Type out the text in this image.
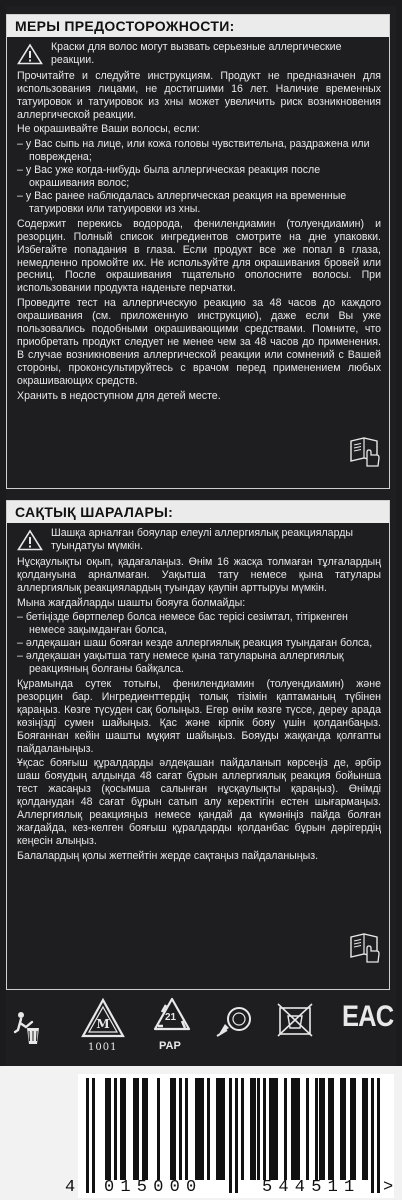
МЕРЫ ПРЕДОСТОРОЖНОСТИ:
Краски для волос могут вызвать серьезные аллергические реакции.

Прочитайте и следуйте инструкциям. Продукт не предназначен для использования лицами, не достигшими 16 лет. Наличие временных татуировок и татуировок из хны может увеличить риск возникновения аллергической реакции.

Не окрашивайте Ваши волосы, если:

– у Вас сыпь на лице, или кожа головы чувствительна, раздражена или повреждена;
– у Вас уже когда-нибудь была аллергическая реакция после окрашивания волос;
– у Вас ранее наблюдалась аллергическая реакция на временные татуировки или татуировки из хны.

Содержит перекись водорода, фенилендиамин (толуендиамин) и резорцин. Полный список ингредиентов смотрите на дне упаковки. Избегайте попадания в глаза. Если продукт все же попал в глаза, немедленно промойте их. Не используйте для окрашивания бровей или ресниц. После окрашивания тщательно ополосните волосы. При использовании продукта наденьте перчатки.

Проведите тест на аллергическую реакцию за 48 часов до каждого окрашивания (см. приложенную инструкцию), даже если Вы уже пользовались подобными окрашивающими средствами. Помните, что приобретать продукт следует не менее чем за 48 часов до применения. В случае возникновения аллергической реакции или сомнений с Вашей стороны, проконсультируйтесь с врачом перед применением любых окрашивающих средств.

Хранить в недоступном для детей месте.

САҚТЫҚ ШАРАЛАРЫ:
Шашқа арналған бояулар елеулі аллергиялық реакцияларды туындатуы мүмкін.

Нұсқаулықты оқып, қадағалаңыз. Өнім 16 жасқа толмаған тұлғалардың қолдануына арналмаған. Уақытша тату немесе қына татулары аллергиялық реакциялардың туындау қаупін арттыруы мүмкін.

Мына жағдайларды шашты бояуға болмайды:

– бетіңізде бөртпелер болса немесе бас терісі сезімтал, тітіркенген немесе зақымданған болса,
– әлдеқашан шаш бояған кезде аллергиялық реакция туындаған болса,
– әлдеқашан уақытша тату немесе қына татуларына аллергиялық реакцияның болғаны байқалса.

Құрамында сутек тотығы, фенилендиамин (толуендиамин) және резорцин бар. Ингредиенттердің толық тізімін қаптаманың түбінен қараңыз. Көзге түсуден сақ болыңыз. Егер өнім көзге түссе, дереу арада көзіңізді сумен шайыңыз. Қас және кірпік бояу үшін қолданбаңыз. Бояғаннан кейін шашты мұқият шайыңыз. Бояуды жаққанда қолғапты пайдаланыңыз.

Ұқсас бояғыш құралдарды әлдеқашан пайдаланып көрсеңіз де, әрбір шаш бояудың алдында 48 сағат бұрын аллергиялық реакция бойынша тест жасаңыз (қосымша салынған нұсқаулықты қараңыз). Өнімді қолданудан 48 сағат бұрын сатып алу керектігін естен шығармаңыз. Аллергиялық реакцияңыз немесе қандай да күмәніңіз пайда болған жағдайда, кез-келген бояғыш құралдарды қолданбас бұрын дәрігердің кеңесін алыңыз.

Балалардың қолы жетпейтін жерде сақтаңыз пайдаланыңыз.

M
1001
21
PAP
EAC
4 015000	544511 >
